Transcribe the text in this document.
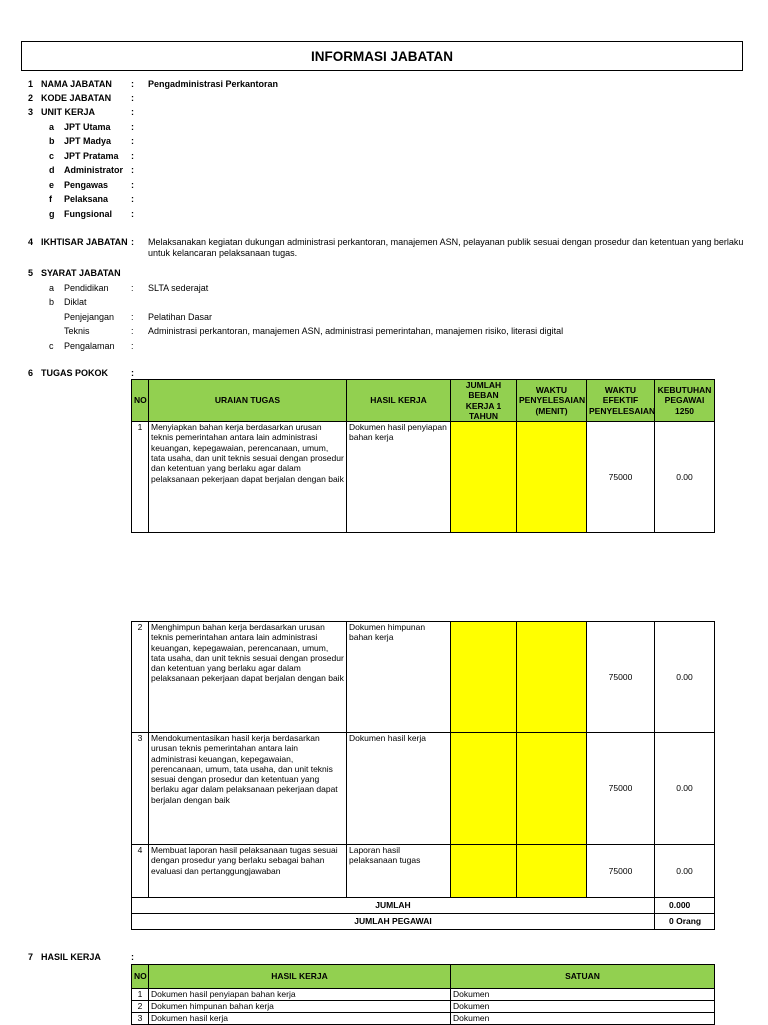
INFORMASI JABATAN
1 NAMA JABATAN : Pengadministrasi Perkantoran
2 KODE JABATAN :
3 UNIT KERJA	:
a JPT Utama :
b JPT Madya :
c JPT Pratama :
d Administrator :
e Pengawas	:
f Pelaksana	:
g Fungsional :
4 IKHTISAR JABATAN : Melaksanakan kegiatan dukungan administrasi perkantoran, manajemen ASN, pelayanan publik sesuai dengan prosedur dan ketentuan yang berlaku
untuk kelancaran pelaksanaan tugas.
5 SYARAT JABATAN
a Pendidikan : SLTA sederajat
b Diklat
Penjejangan : Pelatihan Dasar
Teknis	: Administrasi perkantoran, manajemen ASN, administrasi pemerintahan, manajemen risiko, literasi digital
c Pengalaman :
6 TUGAS POKOK	:
NO	URAIAN TUGAS	HASIL KERJA	JUMLAH BEBAN KERJA 1 TAHUN	WAKTU PENYELESAIAN (MENIT)	WAKTU EFEKTIF PENYELESAIAN	KEBUTUHAN PEGAWAI 1250
1	Menyiapkan bahan kerja berdasarkan urusan teknis pemerintahan antara lain administrasi keuangan, kepegawaian, perencanaan, umum, tata usaha, dan unit teknis sesuai dengan prosedur dan ketentuan yang berlaku agar dalam pelaksanaan pekerjaan dapat berjalan dengan baik	Dokumen hasil penyiapan bahan kerja			75000	0.00
2	Menghimpun bahan kerja berdasarkan urusan teknis pemerintahan antara lain administrasi keuangan, kepegawaian, perencanaan, umum, tata usaha, dan unit teknis sesuai dengan prosedur dan ketentuan yang berlaku agar dalam pelaksanaan pekerjaan dapat berjalan dengan baik	Dokumen himpunan bahan kerja			75000	0.00
3	Mendokumentasikan hasil kerja berdasarkan urusan teknis pemerintahan antara lain administrasi keuangan, kepegawaian, perencanaan, umum, tata usaha, dan unit teknis sesuai dengan prosedur dan ketentuan yang berlaku agar dalam pelaksanaan pekerjaan dapat berjalan dengan baik	Dokumen hasil kerja			75000	0.00
4	Membuat laporan hasil pelaksanaan tugas sesuai dengan prosedur yang berlaku sebagai bahan evaluasi dan pertanggungjawaban	Laporan hasil pelaksanaan tugas			75000	0.00
JUMLAH						0.000
JUMLAH PEGAWAI						0 Orang
7 HASIL KERJA	:
NO	HASIL KERJA	SATUAN
1	Dokumen hasil penyiapan bahan kerja	Dokumen
2	Dokumen himpunan bahan kerja	Dokumen
3	Dokumen hasil kerja	Dokumen
